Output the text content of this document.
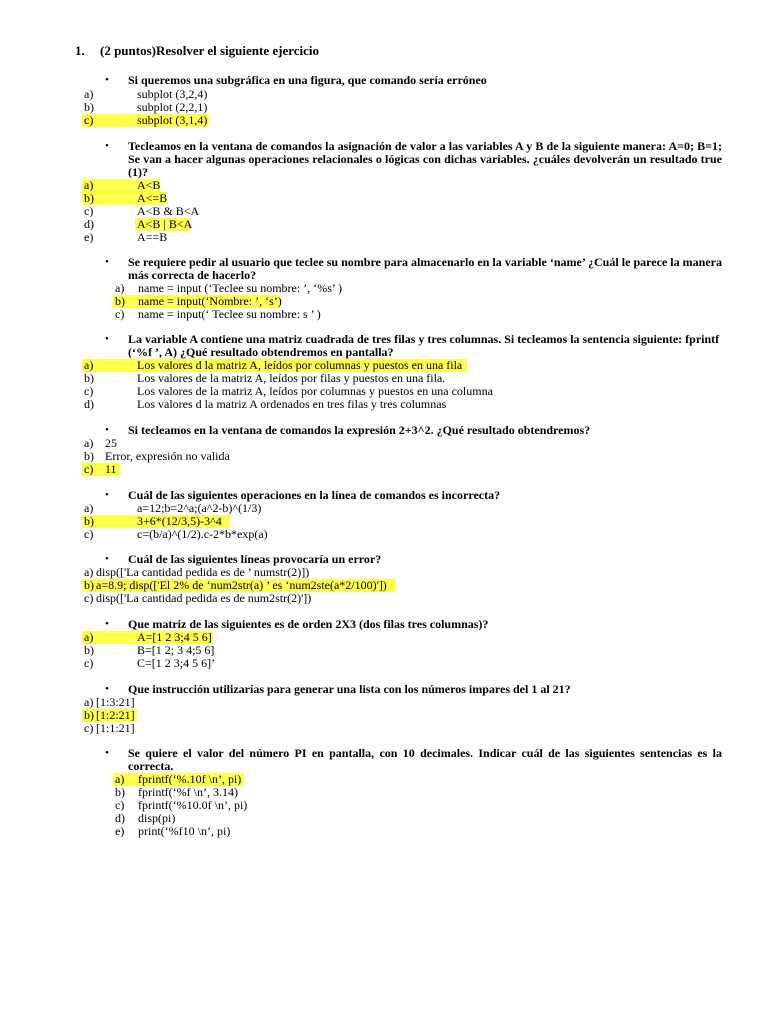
1. (2 puntos)Resolver el siguiente ejercicio
• Si queremos una subgráfica en una figura, que comando sería erróneo
a)	subplot (3,2,4)
b)	subplot (2,2,1)
c)	subplot (3,1,4)
• Tecleamos en la ventana de comandos la asignación de valor a las variables A y B de la siguiente manera: A=0; B=1; Se van a hacer algunas operaciones relacionales o lógicas con dichas variables. ¿cuáles devolverán un resultado true (1)?
a)	A<B
b)	A<=B
c)	A<B & B<A
d)	A<B | B<A
e)	A==B
• Se requiere pedir al usuario que teclee su nombre para almacenarlo en la variable ‘name’ ¿Cuál le parece la manera más correcta de hacerlo?
a) name = input (‘Teclee su nombre: ’, ‘%s’ )
b) name = input(‘Nombre: ’, ‘s’)
c) name = input(‘ Teclee su nombre: s ’ )
• La variable A contiene una matriz cuadrada de tres filas y tres columnas. Si tecleamos la sentencia siguiente: fprintf (‘%f ’, A) ¿Qué resultado obtendremos en pantalla?
a)	Los valores d la matriz A, leídos por columnas y puestos en una fila
b)	Los valores de la matriz A, leídos por filas y puestos en una fila.
c)	Los valores de la matriz A, leídos por columnas y puestos en una columna
d)	Los valores d la matriz A ordenados en tres filas y tres columnas
• Si tecleamos en la ventana de comandos la expresión 2+3^2. ¿Qué resultado obtendremos?
a) 25
b) Error, expresión no valida
c) 11
• Cuál de las siguientes operaciones en la línea de comandos es incorrecta?
a)	a=12;b=2^a;(a^2-b)^(1/3)
b)	3+6*(12/3,5)-3^4
c)	c=(b/a)^(1/2).c-2*b*exp(a)
• Cuál de las siguientes líneas provocaría un error?
a) disp(['La cantidad pedida es de ’ numstr(2)])
b) a=8.9; disp(['El 2% de ‘num2str(a) ’ es ‘num2ste(a*2/100)'])
c) disp(['La cantidad pedida es de num2str(2)'])
• Que matriz de las siguientes es de orden 2X3 (dos filas tres columnas)?
a)	A=[1 2 3;4 5 6]
b)	B=[1 2; 3 4;5 6]
c)	C=[1 2 3;4 5 6]’
• Que instrucción utilizarías para generar una lista con los números impares del 1 al 21?
a) [1:3:21]
b) [1:2:21]
c) [1:1:21]
• Se quiere el valor del número PI en pantalla, con 10 decimales. Indicar cuál de las siguientes sentencias es la correcta.
a) fprintf(‘%.10f \n’, pi)
b) fprintf(‘%f \n’, 3.14)
c) fprintf(‘%10.0f \n’, pi)
d) disp(pi)
e) print(‘%f10 \n’, pi)
